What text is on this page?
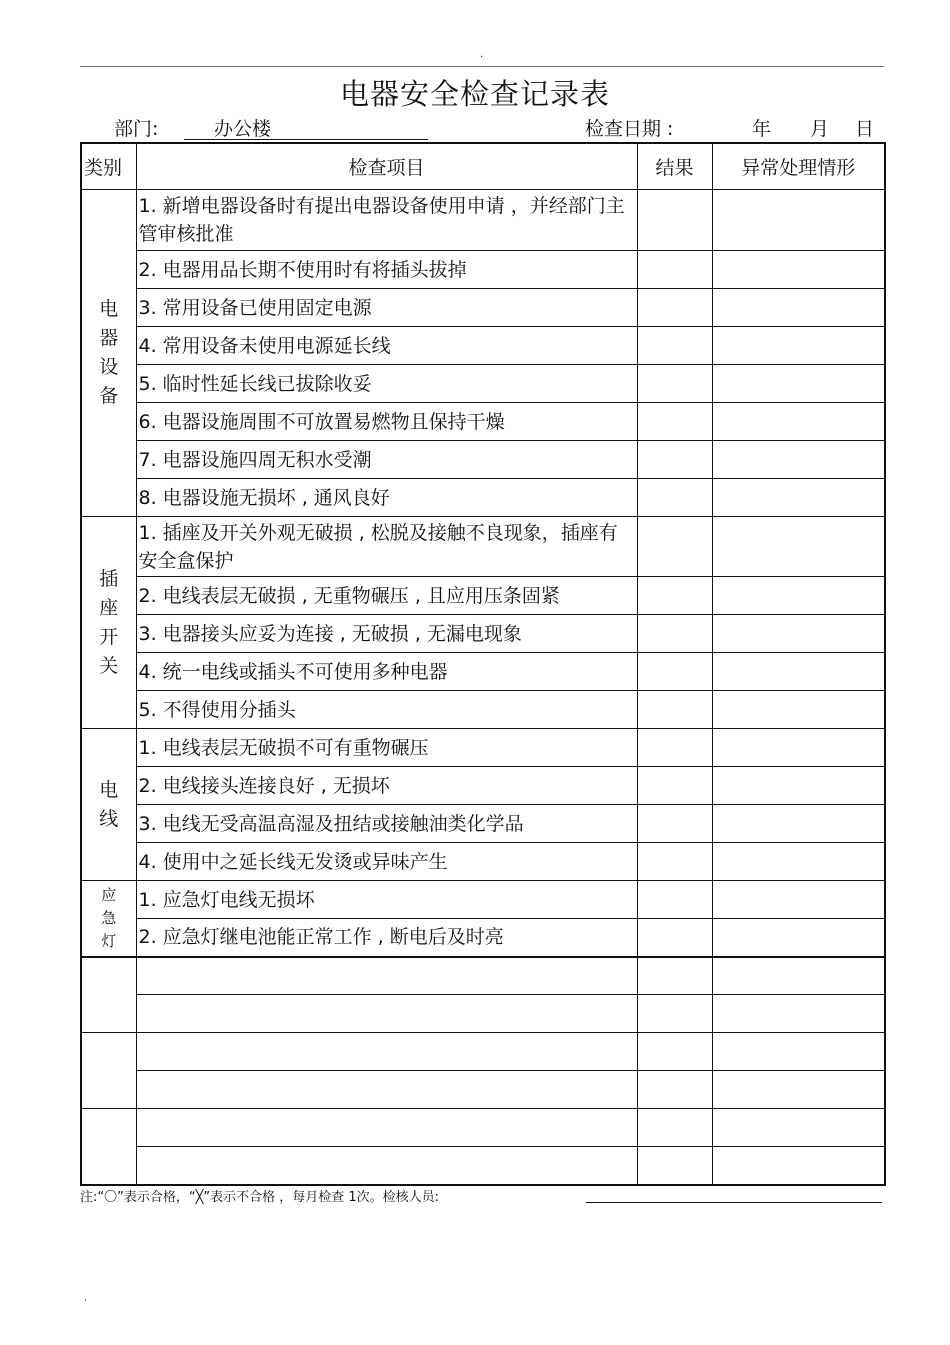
·
电器安全检查记录表
部门:	办公楼	检查日期 :	年 月 日
类别	检查项目	结果	异常处理情形

电
器
设
备	1. 新增电器设备时有提出电器设备使用申请 ，并经部门主管审核批准		
	2. 电器用品长期不使用时有将插头拔掉		
	3. 常用设备已使用固定电源		
	4. 常用设备未使用电源延长线		
	5. 临时性延长线已拔除收妥		
	6. 电器设施周围不可放置易燃物且保持干燥		
	7. 电器设施四周无积水受潮		
	8. 电器设施无损坏 , 通风良好		

插
座
开
关	1. 插座及开关外观无破损 , 松脱及接触不良现象，插座有安全盒保护		
	2. 电线表层无破损 , 无重物碾压 , 且应用压条固紧		
	3. 电器接头应妥为连接 , 无破损 , 无漏电现象		
	4. 统一电线或插头不可使用多种电器		
	5. 不得使用分插头		

电
线	1. 电线表层无破损不可有重物碾压		
	2. 电线接头连接良好 , 无损坏		
	3. 电线无受高温高湿及扭结或接触油类化学品		
	4. 使用中之延长线无发烫或异味产生		

应
急
灯	1. 应急灯电线无损坏		
	2. 应急灯继电池能正常工作 , 断电后及时亮		

注:“〇”表示合格，“╳”表示不合格 ，每月检查 1次。检核人员:
·
